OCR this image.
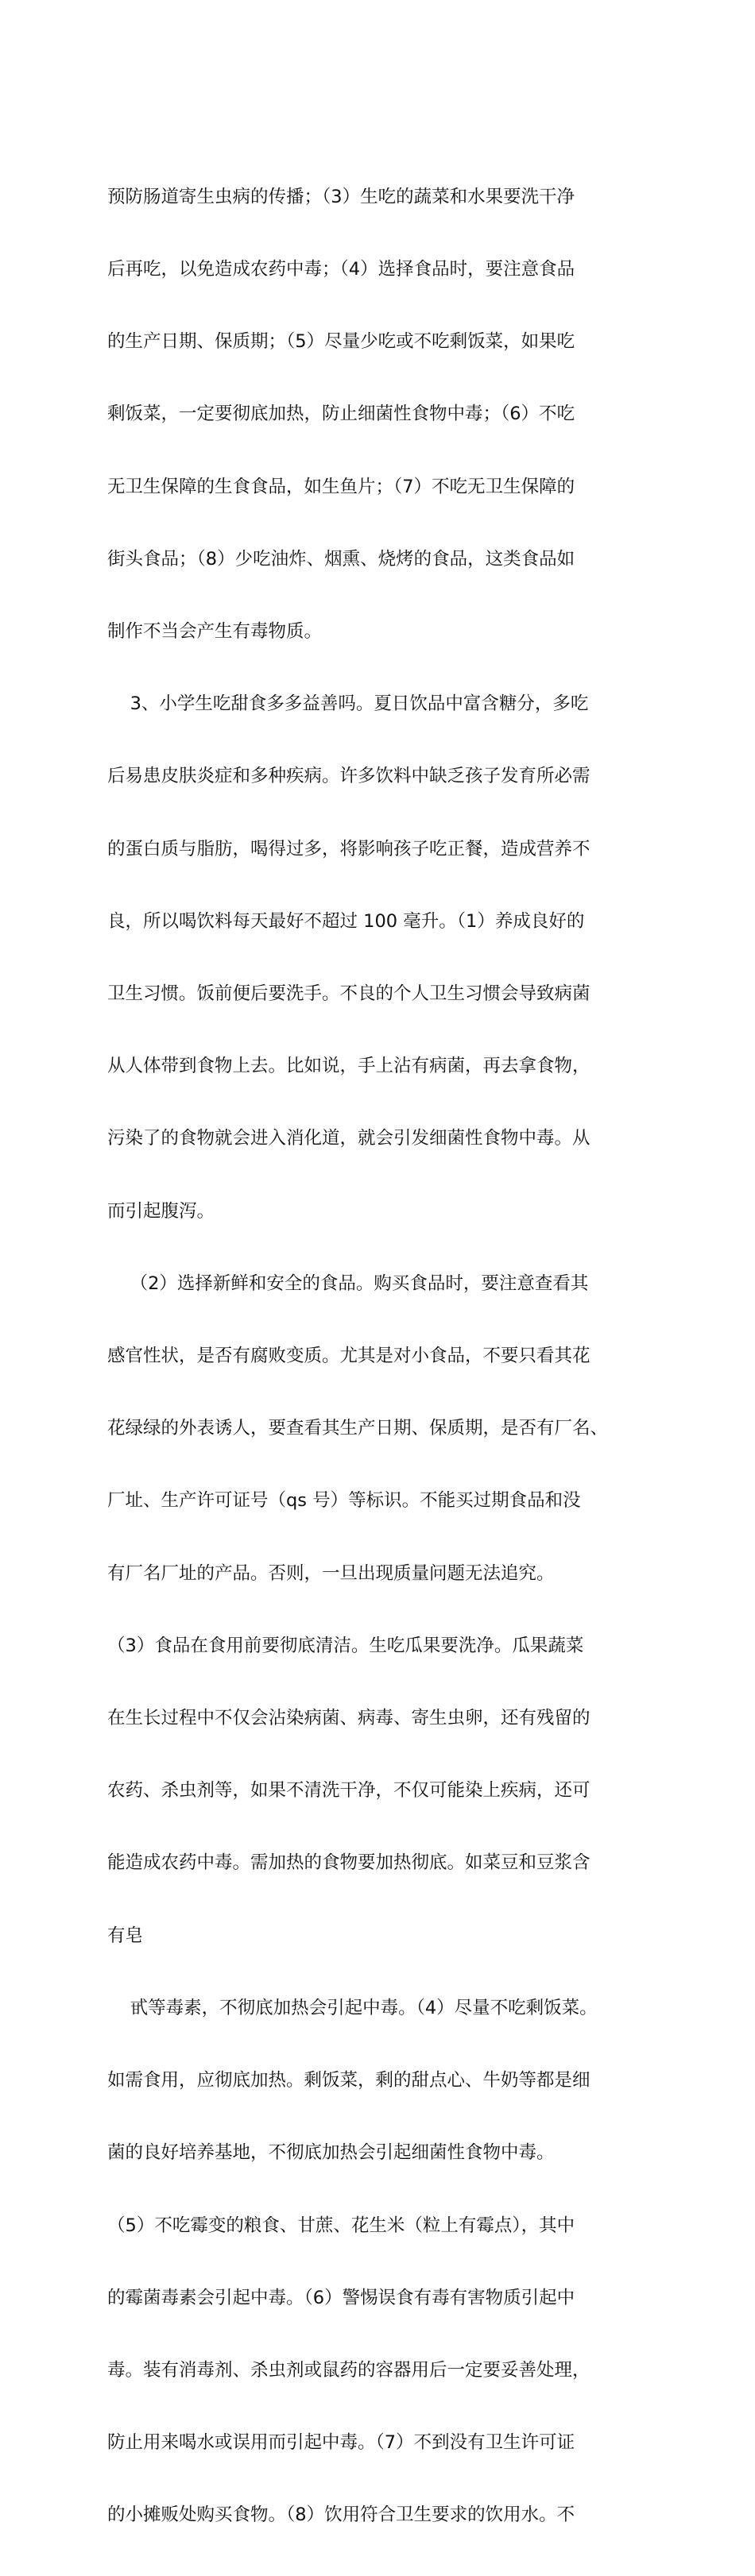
预防肠道寄生虫病的传播；（3）生吃的蔬菜和水果要洗干净

后再吃，以免造成农药中毒；（4）选择食品时，要注意食品

的生产日期、保质期；（5）尽量少吃或不吃剩饭菜，如果吃

剩饭菜，一定要彻底加热，防止细菌性食物中毒；（6）不吃

无卫生保障的生食食品，如生鱼片；（7）不吃无卫生保障的

街头食品；（8）少吃油炸、烟熏、烧烤的食品，这类食品如

制作不当会产生有毒物质。

3、小学生吃甜食多多益善吗。夏日饮品中富含糖分，多吃

后易患皮肤炎症和多种疾病。许多饮料中缺乏孩子发育所必需

的蛋白质与脂肪，喝得过多，将影响孩子吃正餐，造成营养不

良，所以喝饮料每天最好不超过 100 毫升。（1）养成良好的

卫生习惯。饭前便后要洗手。不良的个人卫生习惯会导致病菌

从人体带到食物上去。比如说，手上沾有病菌，再去拿食物，

污染了的食物就会进入消化道，就会引发细菌性食物中毒。从

而引起腹泻。

（2）选择新鲜和安全的食品。购买食品时，要注意查看其

感官性状，是否有腐败变质。尤其是对小食品，不要只看其花

花绿绿的外表诱人，要查看其生产日期、保质期，是否有厂名、

厂址、生产许可证号（qs 号）等标识。不能买过期食品和没

有厂名厂址的产品。否则，一旦出现质量问题无法追究。

（3）食品在食用前要彻底清洁。生吃瓜果要洗净。瓜果蔬菜

在生长过程中不仅会沾染病菌、病毒、寄生虫卵，还有残留的

农药、杀虫剂等，如果不清洗干净，不仅可能染上疾病，还可

能造成农药中毒。需加热的食物要加热彻底。如菜豆和豆浆含

有皂

甙等毒素，不彻底加热会引起中毒。（4）尽量不吃剩饭菜。

如需食用，应彻底加热。剩饭菜，剩的甜点心、牛奶等都是细

菌的良好培养基地，不彻底加热会引起细菌性食物中毒。

（5）不吃霉变的粮食、甘蔗、花生米（粒上有霉点），其中

的霉菌毒素会引起中毒。（6）警惕误食有毒有害物质引起中

毒。装有消毒剂、杀虫剂或鼠药的容器用后一定要妥善处理，

防止用来喝水或误用而引起中毒。（7）不到没有卫生许可证

的小摊贩处购买食物。（8）饮用符合卫生要求的饮用水。不
